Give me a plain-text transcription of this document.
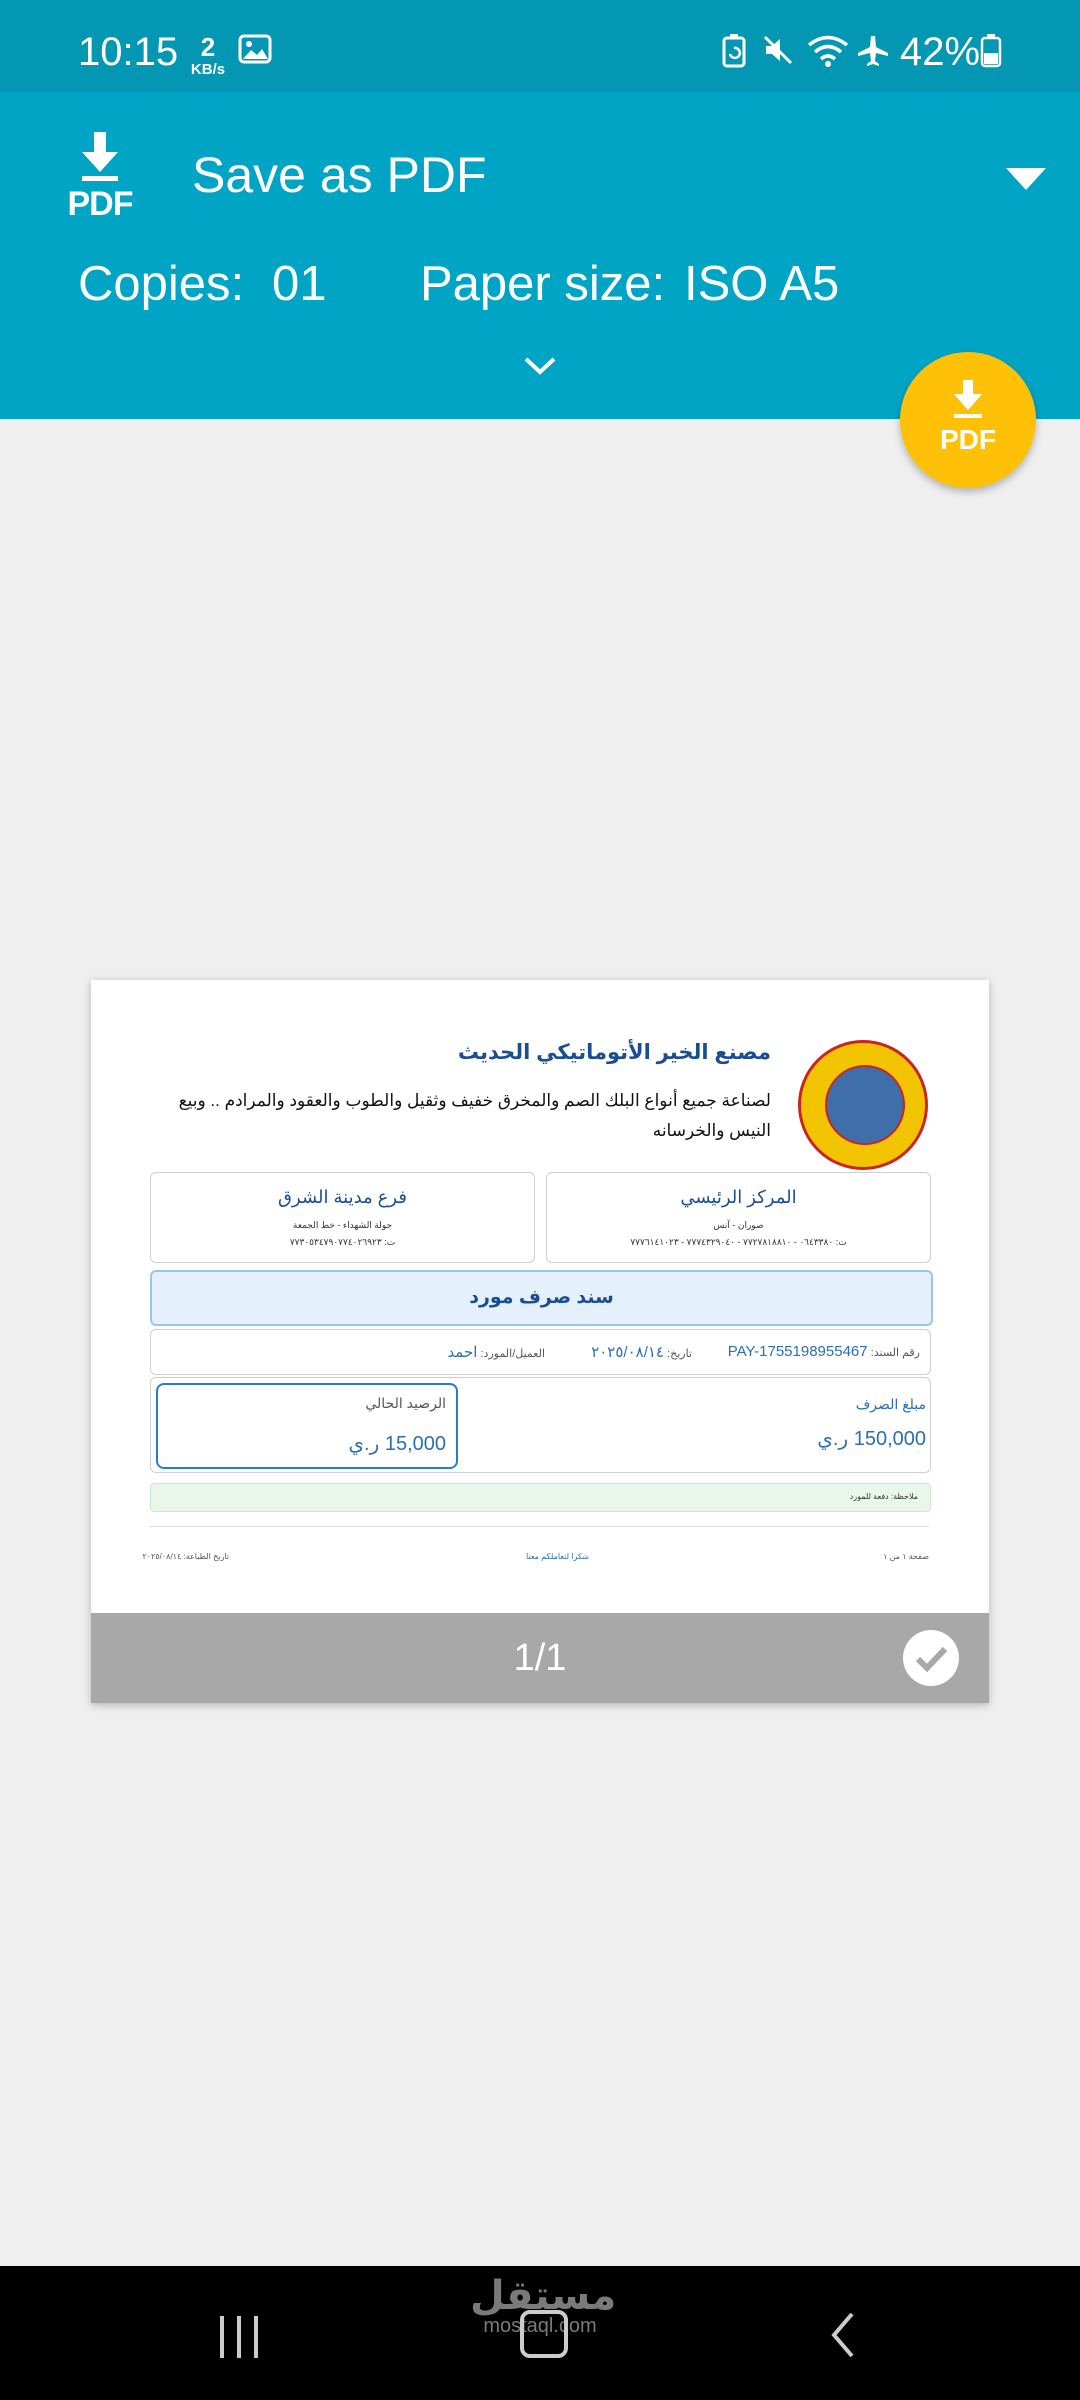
10:15 2
KB/s	42%
PDF
Save as PDF
Copies: 01 Paper size: ISO A5
PDF
مصنع الخير الأتوماتيكي الحديث
لصناعة جميع أنواع البلك الصم والمخرق خفيف وثقيل والطوب والعقود والمرادم .. وبيع النيس والخرسانه
المركز الرئيسي
صوران - آنس
ت: ٠٦٤٣٣٨٠ - ٧٧٢٧٨١٨٨١٠ - ٧٧٧٤٣٢٩٠٤٠ - ٧٧٧٦١٤١٠٢٣
فرع مدينة الشرق
جولة الشهداء - خط الجمعة
ت: ٧٧٣٠٥٣٤٧٩٠٧٧٤٠٢٦٩٢٣
سند صرف مورد
رقم السند: PAY-1755198955467
تاريخ: ٢٠٢٥/٠٨/١٤
العميل/المورد: احمد
مبلغ الصرف
150,000 ر.ي
الرصيد الحالي
15,000 ر.ي
ملاحظة: دفعة للمورد
صفحة ١ من ١
شكرا لتعاملكم معنا
تاريخ الطباعة: ٢٠٢٥/٠٨/١٤
1/1
مستقل
mostaql.com
